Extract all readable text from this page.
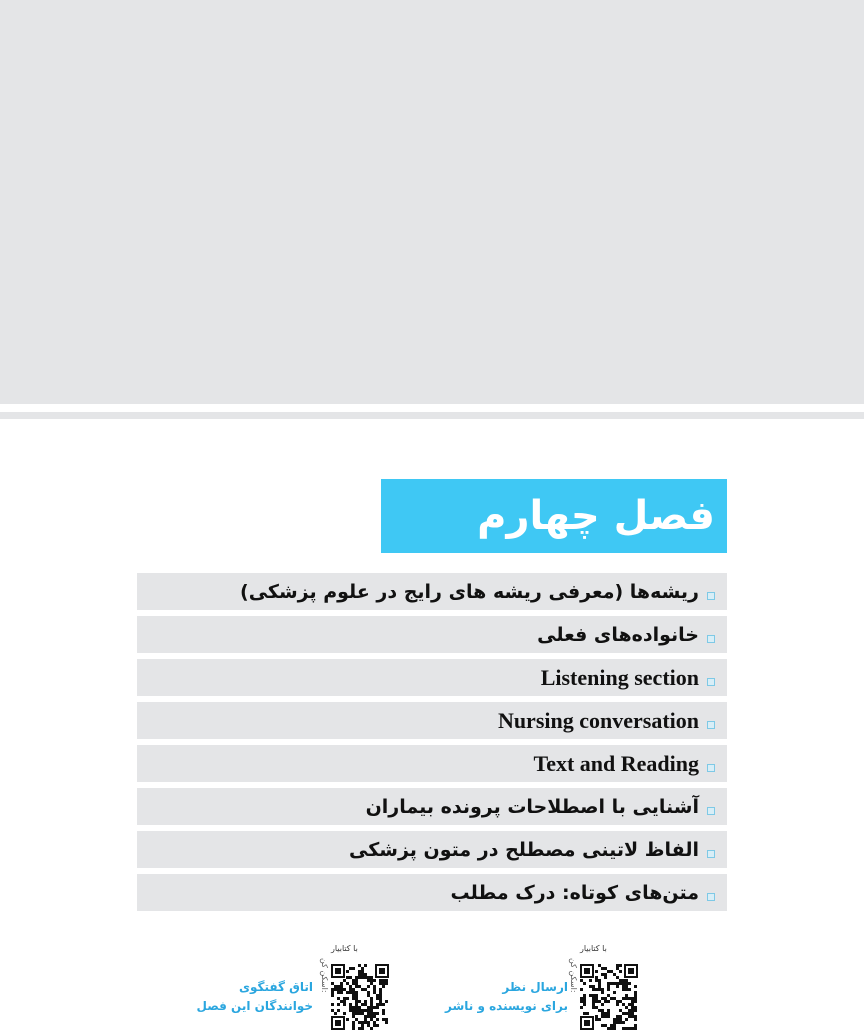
فصل چهارم
ریشه‌ها (معرفی ریشه های رایج در علوم پزشکی)
خانواده‌های فعلی
Listening section
Nursing conversation
Text and Reading
آشنایی با اصطلاحات پرونده بیماران
الفاظ لاتینی مصطلح در متون پزشکی
متن‌های کوتاه: درک مطلب
با کتابیار
اسکن کن:
ارسال نظر
برای نویسنده و ناشر
با کتابیار
اسکن کن:
اتاق گفتگوی
خوانندگان این فصل
